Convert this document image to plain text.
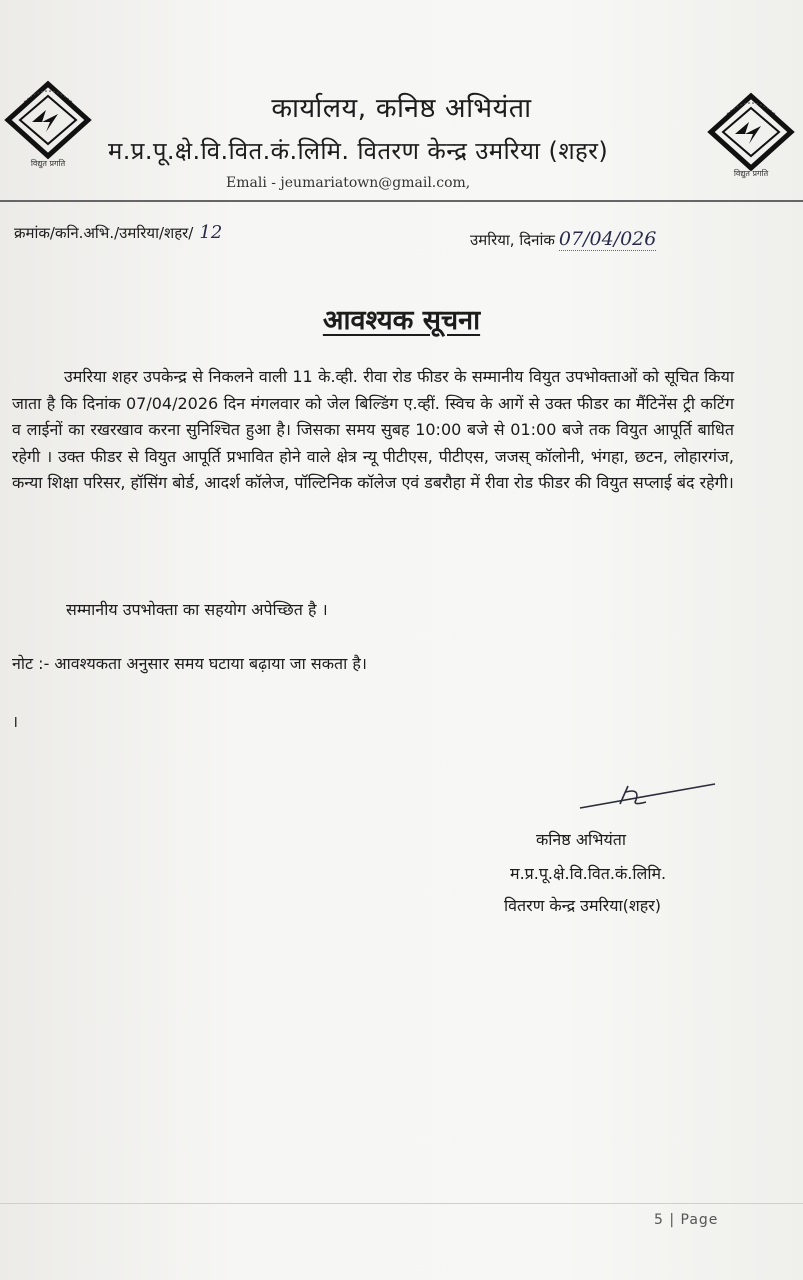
विद्युत प्रगति
विद्युत प्रगति
कार्यालय, कनिष्ठ अभियंता
म.प्र.पू.क्षे.वि.वित.कं.लिमि. वितरण केन्द्र उमरिया (शहर)
Emali - jeumariatown@gmail.com,
क्रमांक/कनि.अभि./उमरिया/शहर/ 12	उमरिया, दिनांक 07/04/026
आवश्यक सूचना

उमरिया शहर उपकेन्द्र से निकलने वाली 11 के.व्ही. रीवा रोड फीडर के सम्मानीय वियुत उपभोक्ताओं को सूचित किया जाता है कि दिनांक 07/04/2026 दिन मंगलवार को जेल बिल्डिंग ए.व्हीं. स्विच के आगें से उक्त फीडर का मैंटिनेंस ट्री कटिंग व लाईनों का रखरखाव करना सुनिश्चित हुआ है। जिसका समय सुबह 10:00 बजे से 01:00 बजे तक वियुत आपूर्ति बाधित रहेगी । उक्त फीडर से वियुत आपूर्ति प्रभावित होने वाले क्षेत्र न्यू पीटीएस, पीटीएस, जजस् कॉलोनी, भंगहा, छटन, लोहारगंज, कन्या शिक्षा परिसर, हॉसिंग बोर्ड, आदर्श कॉलेज, पॉल्टिनिक कॉलेज एवं डबरौहा में रीवा रोड फीडर की वियुत सप्लाई बंद रहेगी।

सम्मानीय उपभोक्ता का सहयोग अपेच्छित है ।
नोट :- आवश्यकता अनुसार समय घटाया बढ़ाया जा सकता है।
।
कनिष्ठ अभियंता
म.प्र.पू.क्षे.वि.वित.कं.लिमि.
वितरण केन्द्र उमरिया(शहर)
5 | Page
